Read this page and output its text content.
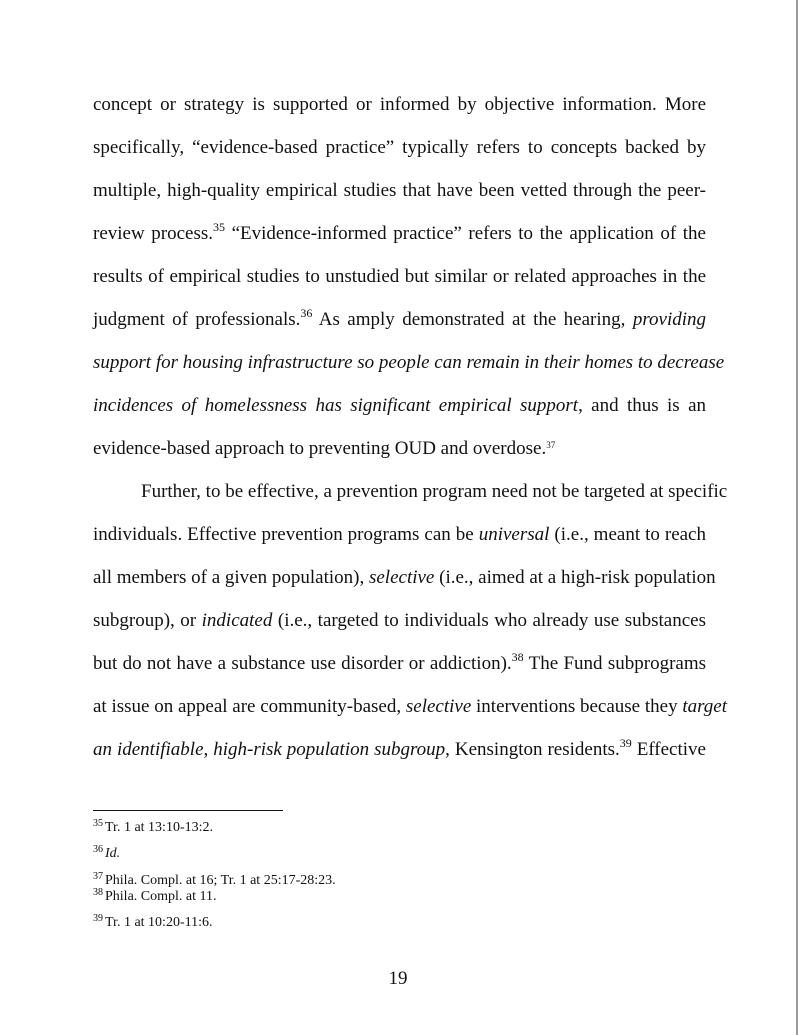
concept or strategy is supported or informed by objective information. More
specifically, “evidence-based practice” typically refers to concepts backed by
multiple, high-quality empirical studies that have been vetted through the peer-
review process.$^{35}$ “Evidence-informed practice” refers to the application of the
results of empirical studies to unstudied but similar or related approaches in the
judgment of professionals.$^{36}$ As amply demonstrated at the hearing, providing
support for housing infrastructure so people can remain in their homes to decrease
incidences of homelessness has significant empirical support, and thus is an
evidence-based approach to preventing OUD and overdose.$^{37}$
Further, to be effective, a prevention program need not be targeted at specific
individuals. Effective prevention programs can be universal (i.e., meant to reach
all members of a given population), selective (i.e., aimed at a high-risk population
subgroup), or indicated (i.e., targeted to individuals who already use substances
but do not have a substance use disorder or addiction).$^{38}$ The Fund subprograms
at issue on appeal are community-based, selective interventions because they target
an identifiable, high-risk population subgroup, Kensington residents.$^{39}$ Effective
$^{35}$ Tr. 1 at 13:10-13:2.
$^{36}$ Id.
$^{37}$ Phila. Compl. at 16; Tr. 1 at 25:17-28:23.
$^{38}$ Phila. Compl. at 11.
$^{39}$ Tr. 1 at 10:20-11:6.
19
